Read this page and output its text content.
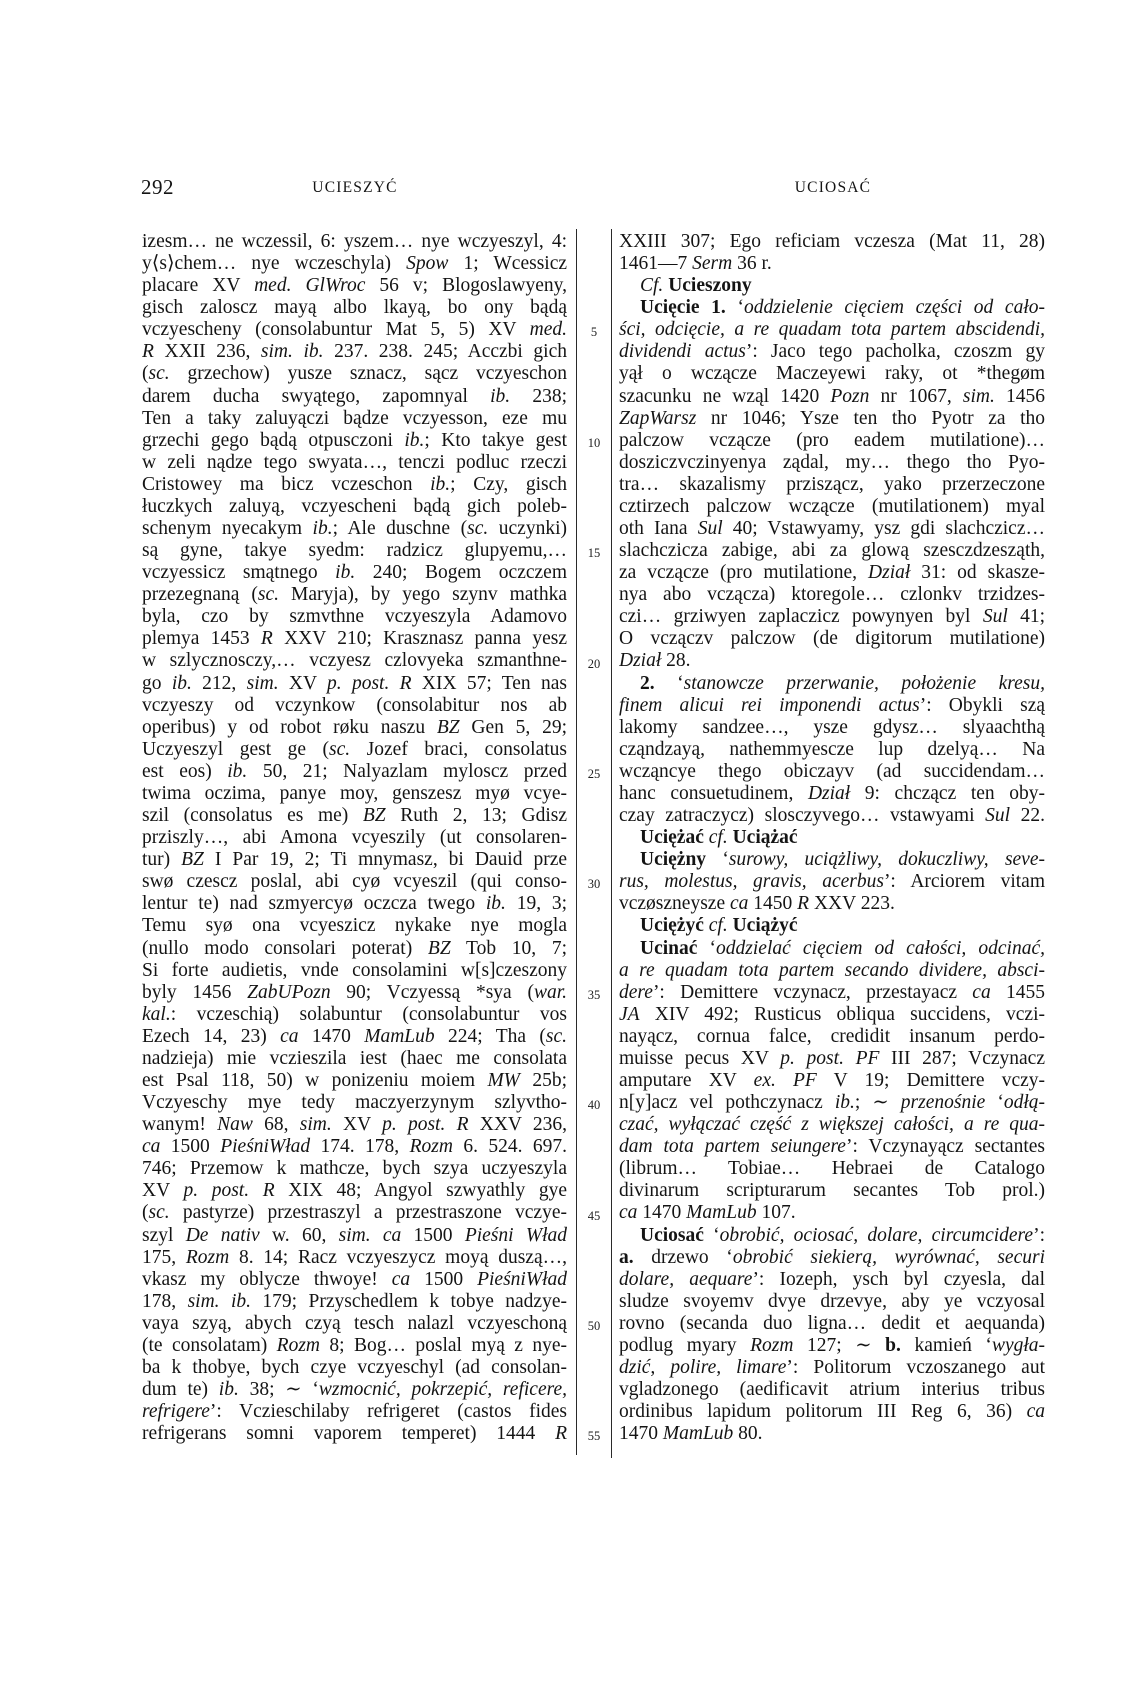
292	UCIESZYĆ	UCIOSAĆ
5
10
15
20
25
30
35
40
45
50
55
izesm… ne wczessil, 6: yszem… nye wczyeszyl, 4:
y⟨s⟩chem… nye wczeschyla) Spow 1; Wcessicz
placare XV med. GlWroc 56 v; Blogoslawyeny,
gisch zaloscz mayą albo lkayą, bo ony bądą
vczyescheny (consolabuntur Mat 5, 5) XV med.
R XXII 236, sim. ib. 237. 238. 245; Acczbi gich
(sc. grzechow) yusze sznacz, sącz vczyeschon
darem ducha swyątego, zapomnyal ib. 238;
Ten a taky zaluyączi bądze vczyesson, eze mu
grzechi gego bądą otpusczoni ib.; Kto takye gest
w zeli nądze tego swyata…, tenczi podluc rzeczi
Cristowey ma bicz vczeschon ib.; Czy, gisch
łuczkych zaluyą, vczyescheni bądą gich poleb-
schenym nyecakym ib.; Ale duschne (sc. uczynki)
są gyne, takye syedm: radzicz glupyemu,…
vczyessicz smątnego ib. 240; Bogem oczczem
przezegnaną (sc. Maryja), by yego szynv mathka
byla, czo by szmvthne vczyeszyla Adamovo
plemya 1453 R XXV 210; Krasznasz panna yesz
w szlycznosczy,… vczyesz czlovyeka szmanthne-
go ib. 212, sim. XV p. post. R XIX 57; Ten nas
vczyeszy od vczynkow (consolabitur nos ab
operibus) y od robot røku naszu BZ Gen 5, 29;
Uczyeszyl gest ge (sc. Jozef braci, consolatus
est eos) ib. 50, 21; Nalyazlam myloscz przed
twima oczima, panye moy, genszesz myø vcye-
szil (consolatus es me) BZ Ruth 2, 13; Gdisz
prziszly…, abi Amona vcyeszily (ut consolaren-
tur) BZ I Par 19, 2; Ti mnymasz, bi Dauid prze
swø czescz poslal, abi cyø vcyeszil (qui conso-
lentur te) nad szmyercyø oczcza twego ib. 19, 3;
Temu syø ona vcyeszicz nykake nye mogla
(nullo modo consolari poterat) BZ Tob 10, 7;
Si forte audietis, vnde consolamini w[s]czeszony
byly 1456 ZabUPozn 90; Vczyessą *sya (war.
kal.: vczeschią) solabuntur (consolabuntur vos
Ezech 14, 23) ca 1470 MamLub 224; Tha (sc.
nadzieja) mie vczieszila iest (haec me consolata
est Psal 118, 50) w ponizeniu moiem MW 25b;
Vczyeschy mye tedy maczyerzynym szlyvtho-
wanym! Naw 68, sim. XV p. post. R XXV 236,
ca 1500 PieśniWład 174. 178, Rozm 6. 524. 697.
746; Przemow k mathcze, bych szya uczyeszyla
XV p. post. R XIX 48; Angyol szwyathly gye
(sc. pastyrze) przestraszyl a przestraszone vczye-
szyl De nativ w. 60, sim. ca 1500 Pieśni Wład
175, Rozm 8. 14; Racz vczyeszycz moyą duszą…,
vkasz my oblycze thwoye! ca 1500 PieśniWład
178, sim. ib. 179; Przyschedlem k tobye nadzye-
vaya szyą, abych czyą tesch nalazl vczyeschoną
(te consolatam) Rozm 8; Bog… poslal myą z nye-
ba k thobye, bych czye vczyeschyl (ad consolan-
dum te) ib. 38; ∼ ‘wzmocnić, pokrzepić, reficere,
refrigere’: Vczieschilaby refrigeret (castos fides
refrigerans somni vaporem temperet) 1444 R
XXIII 307; Ego reficiam vczesza (Mat 11, 28)
1461—7 Serm 36 r.
Cf. Ucieszony
Ucięcie 1. ‘oddzielenie cięciem części od cało-
ści, odcięcie, a re quadam tota partem abscidendi,
dividendi actus’: Jaco tego pacholka, czoszm gy
yął o wczącze Maczeyewi raky, ot *thegøm
szacunku ne wząl 1420 Pozn nr 1067, sim. 1456
ZapWarsz nr 1046; Ysze ten tho Pyotr za tho
palczow vczącze (pro eadem mutilatione)…
dosziczvczinyenya ządal, my… thego tho Pyo-
tra… skazalismy prziszącz, yako przerzeczone
cztirzech palczow wczącze (mutilationem) myal
oth Iana Sul 40; Vstawyamy, ysz gdi slachczicz…
slachczicza zabige, abi za glową szesczdzesząth,
za vczącze (pro mutilatione, Dział 31: od skasze-
nya abo vczącza) ktoregole… czlonkv trzidzes-
czi… grziwyen zaplaczicz powynyen byl Sul 41;
O vczączv palczow (de digitorum mutilatione)
Dział 28.
2. ‘stanowcze przerwanie, położenie kresu,
finem alicui rei imponendi actus’: Obykli szą
lakomy sandzee…, ysze gdysz… slyaachthą
cząndzayą, nathemmyescze lup dzelyą… Na
wcząncye thego obiczayv (ad succidendam…
hanc consuetudinem, Dział 9: chczącz ten oby-
czay zatraczycz) slosczyvego… vstawyami Sul 22.
Uciężać cf. Uciążać
Uciężny ‘surowy, uciążliwy, dokuczliwy, seve-
rus, molestus, gravis, acerbus’: Arciorem vitam
vczøszneysze ca 1450 R XXV 223.
Uciężyć cf. Uciążyć
Ucinać ‘oddzielać cięciem od całości, odcinać,
a re quadam tota partem secando dividere, absci-
dere’: Demittere vczynacz, przestayacz ca 1455
JA XIV 492; Rusticus obliqua succidens, vczi-
nayącz, cornua falce, credidit insanum perdo-
muisse pecus XV p. post. PF III 287; Vczynacz
amputare XV ex. PF V 19; Demittere vczy-
n[y]acz vel pothczynacz ib.; ∼ przenośnie ‘odłą-
czać, wyłączać część z większej całości, a re qua-
dam tota partem seiungere’: Vczynayącz sectantes
(librum… Tobiae… Hebraei de Catalogo
divinarum scripturarum secantes Tob prol.)
ca 1470 MamLub 107.
Uciosać ‘obrobić, ociosać, dolare, circumcidere’:
a. drzewo ‘obrobić siekierą, wyrównać, securi
dolare, aequare’: Iozeph, ysch byl czyesla, dal
sludze svoyemv dvye drzevye, aby ye vczyosal
rovno (secanda duo ligna… dedit et aequanda)
podlug myary Rozm 127; ∼ b. kamień ‘wygła-
dzić, polire, limare’: Politorum vczoszanego aut
vgladzonego (aedificavit atrium interius tribus
ordinibus lapidum politorum III Reg 6, 36) ca
1470 MamLub 80.
